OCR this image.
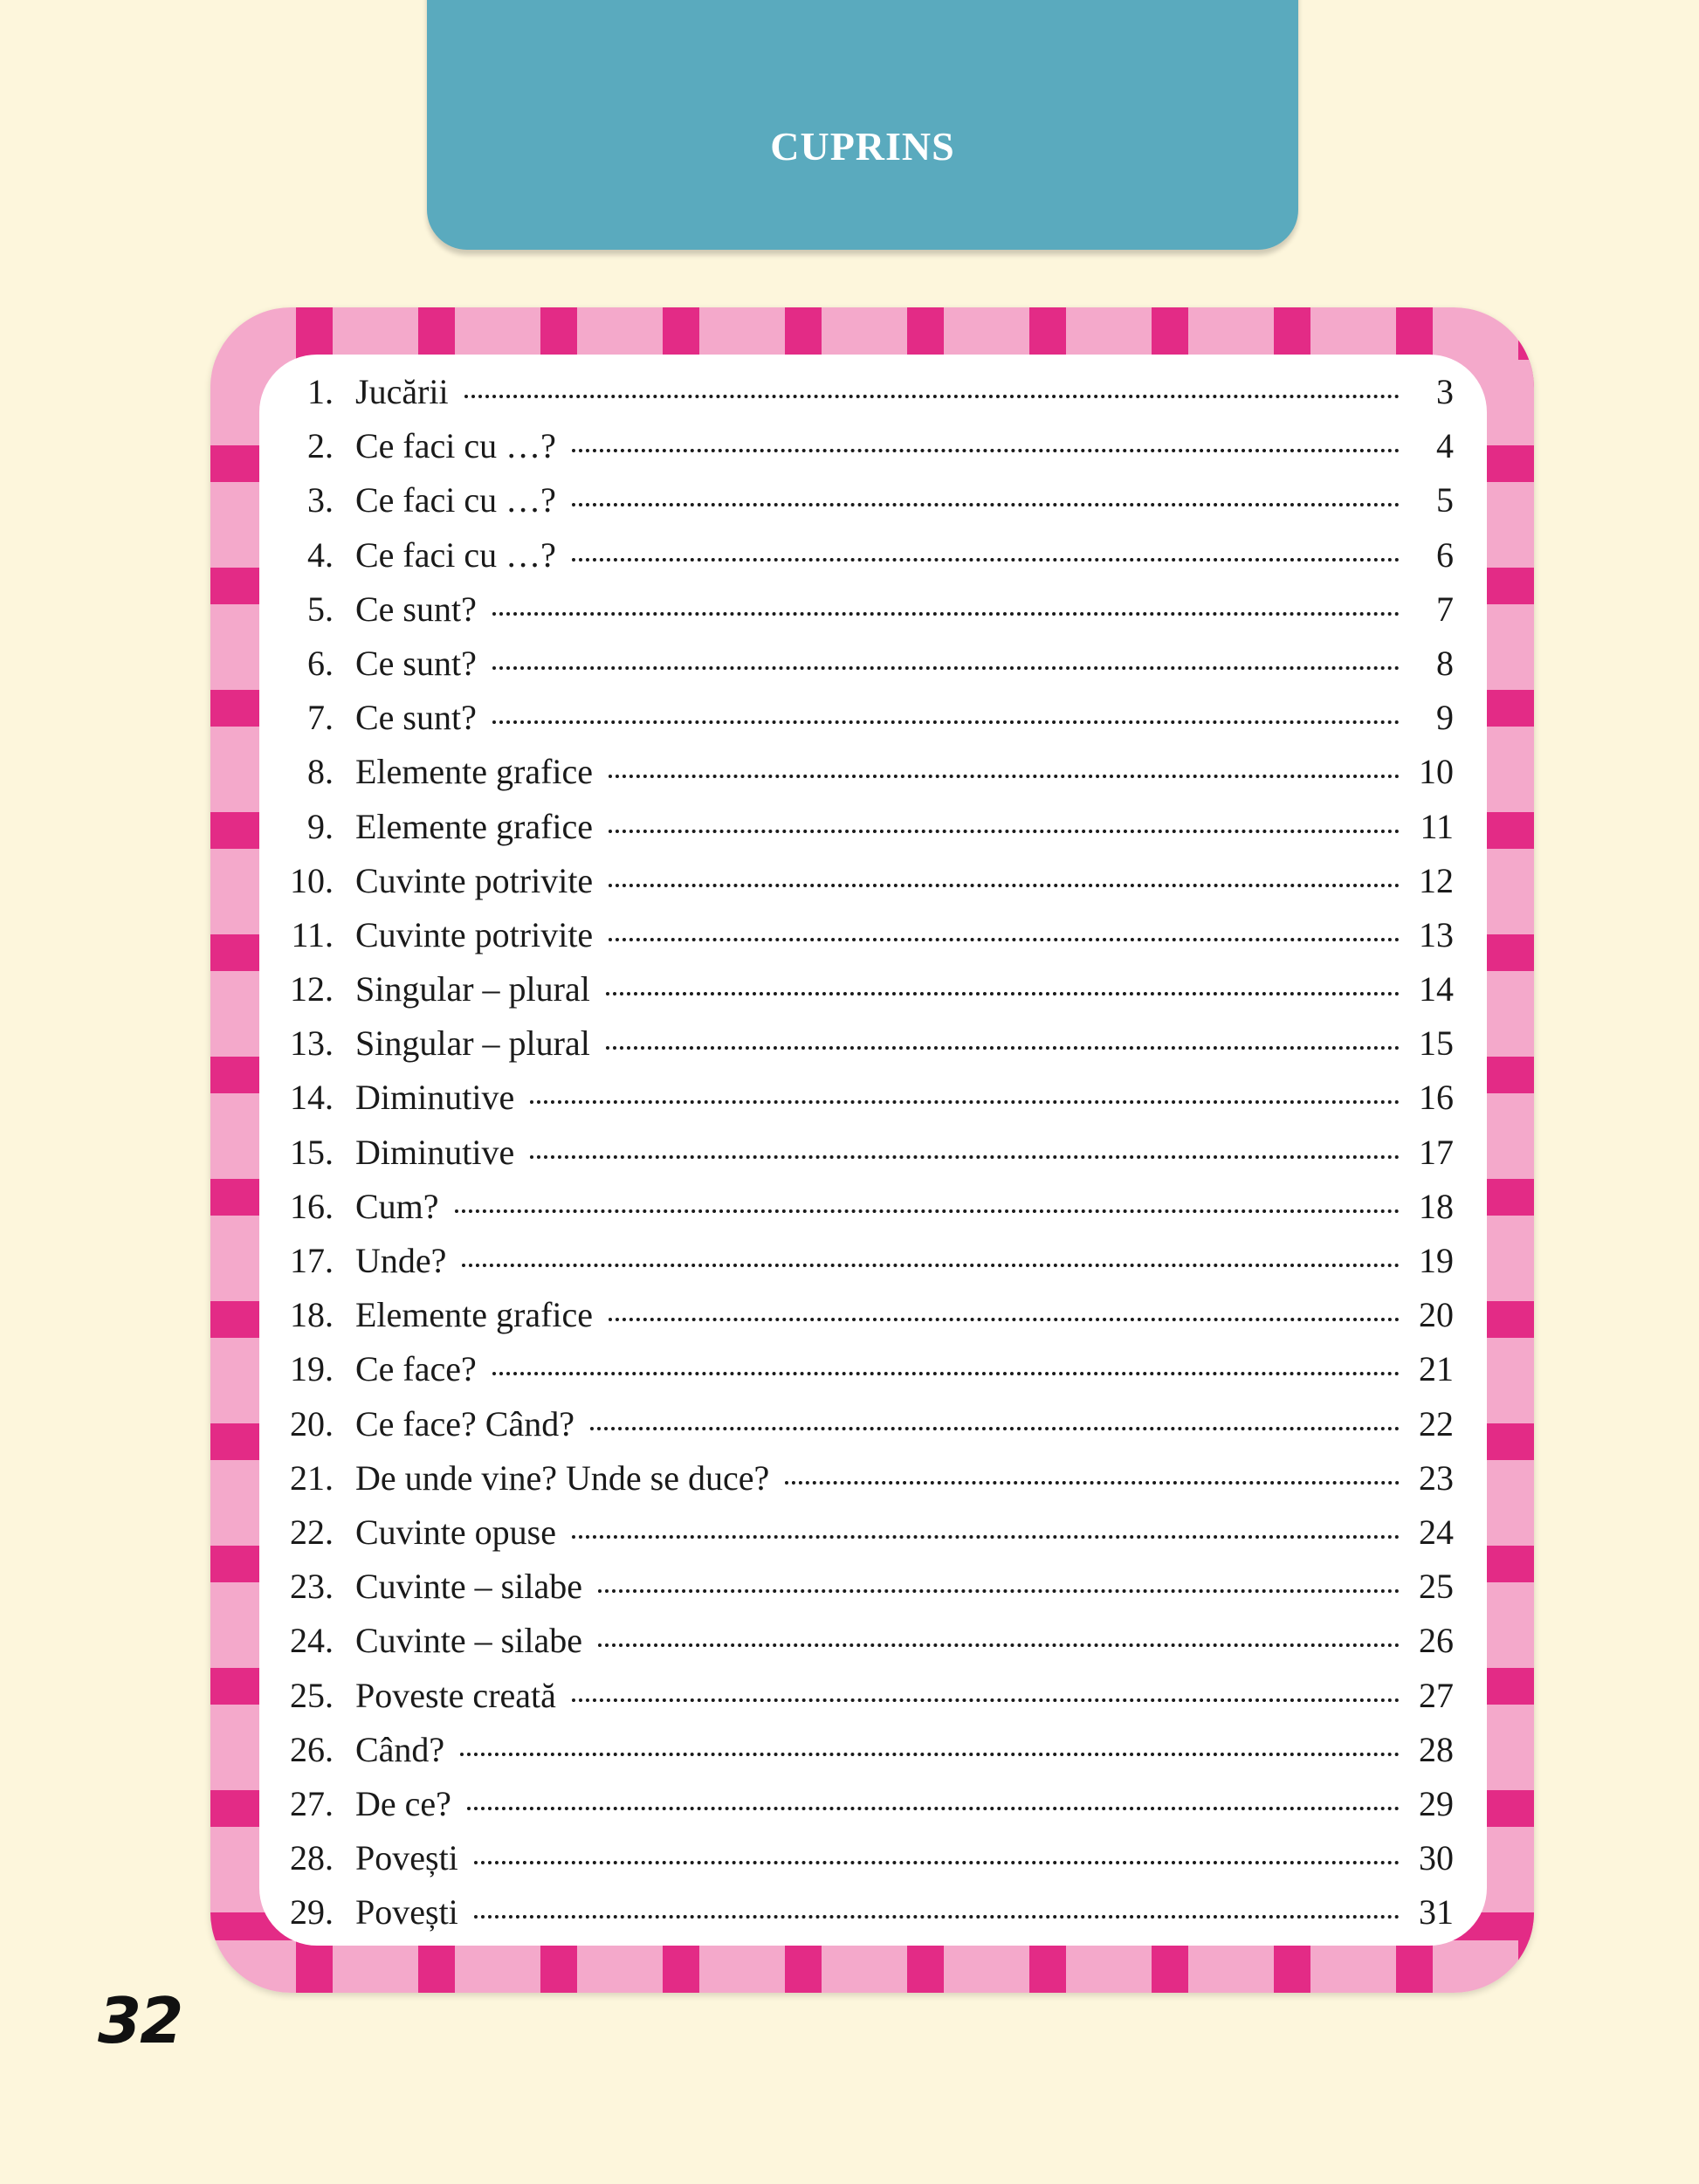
CUPRINS
1. Jucării	3
2. Ce faci cu …?	4
3. Ce faci cu …?	5
4. Ce faci cu …?	6
5. Ce sunt?	7
6. Ce sunt?	8
7. Ce sunt?	9
8. Elemente grafice	10
9. Elemente grafice	11
10. Cuvinte potrivite	12
11. Cuvinte potrivite	13
12. Singular – plural	14
13. Singular – plural	15
14. Diminutive	16
15. Diminutive	17
16. Cum?	18
17. Unde?	19
18. Elemente grafice	20
19. Ce face?	21
20. Ce face? Când?	22
21. De unde vine? Unde se duce?	23
22. Cuvinte opuse	24
23. Cuvinte – silabe	25
24. Cuvinte – silabe	26
25. Poveste creată	27
26. Când?	28
27. De ce?	29
28. Povești	30
29. Povești	31
32
